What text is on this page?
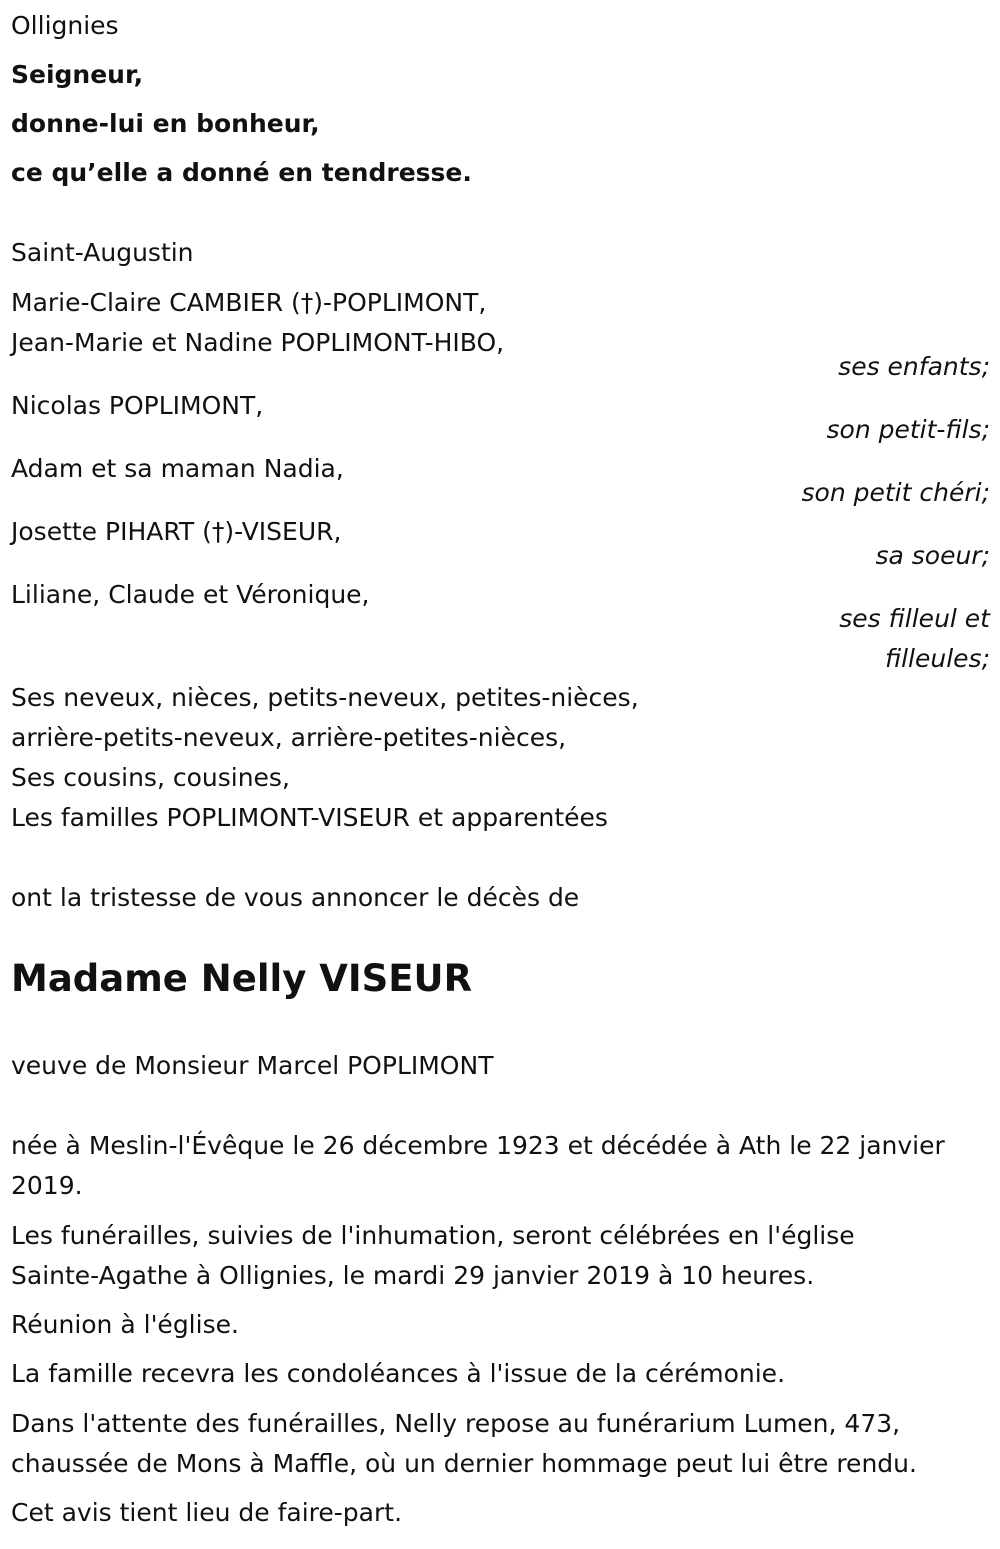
Ollignies
Seigneur,
donne-lui en bonheur,
ce qu’elle a donné en tendresse.
Saint-Augustin
Marie-Claire CAMBIER (†)-POPLIMONT,
Jean-Marie et Nadine POPLIMONT-HIBO,
ses enfants;
Nicolas POPLIMONT,
son petit-fils;
Adam et sa maman Nadia,
son petit chéri;
Josette PIHART (†)-VISEUR,
sa soeur;
Liliane, Claude et Véronique,
ses filleul et
filleules;
Ses neveux, nièces, petits-neveux, petites-nièces,
arrière-petits-neveux, arrière-petites-nièces,
Ses cousins, cousines,
Les familles POPLIMONT-VISEUR et apparentées
ont la tristesse de vous annoncer le décès de
Madame Nelly VISEUR
veuve de Monsieur Marcel POPLIMONT
née à Meslin-l'Évêque le 26 décembre 1923 et décédée à Ath le 22 janvier
2019.
Les funérailles, suivies de l'inhumation, seront célébrées en l'église
Sainte-Agathe à Ollignies, le mardi 29 janvier 2019 à 10 heures.
Réunion à l'église.
La famille recevra les condoléances à l'issue de la cérémonie.
Dans l'attente des funérailles, Nelly repose au funérarium Lumen, 473,
chaussée de Mons à Maffle, où un dernier hommage peut lui être rendu.
Cet avis tient lieu de faire-part.
